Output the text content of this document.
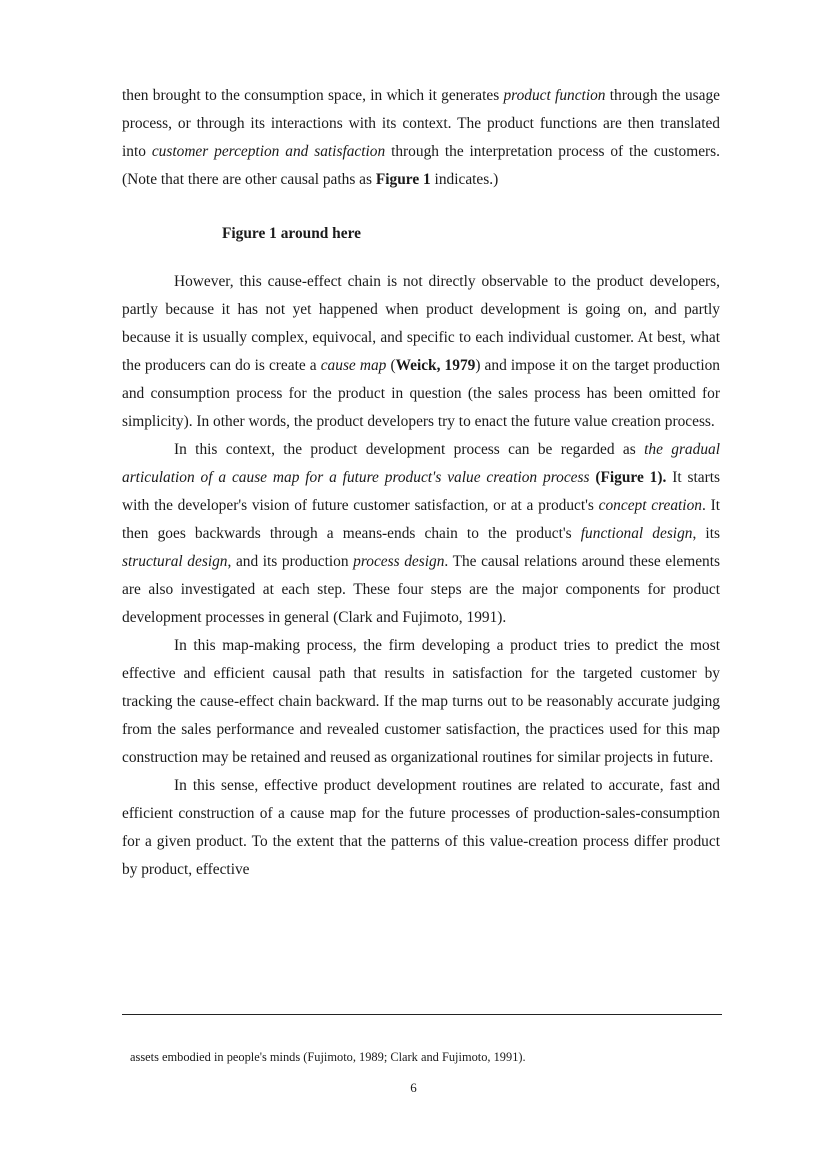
then brought to the consumption space, in which it generates product function through the usage process, or through its interactions with its context. The product functions are then translated into customer perception and satisfaction through the interpretation process of the customers. (Note that there are other causal paths as Figure 1 indicates.)

Figure 1 around here

However, this cause-effect chain is not directly observable to the product developers, partly because it has not yet happened when product development is going on, and partly because it is usually complex, equivocal, and specific to each individual customer. At best, what the producers can do is create a cause map (Weick, 1979) and impose it on the target production and consumption process for the product in question (the sales process has been omitted for simplicity). In other words, the product developers try to enact the future value creation process.

In this context, the product development process can be regarded as the gradual articulation of a cause map for a future product's value creation process (Figure 1). It starts with the developer's vision of future customer satisfaction, or at a product's concept creation. It then goes backwards through a means-ends chain to the product's functional design, its structural design, and its production process design. The causal relations around these elements are also investigated at each step. These four steps are the major components for product development processes in general (Clark and Fujimoto, 1991).

In this map-making process, the firm developing a product tries to predict the most effective and efficient causal path that results in satisfaction for the targeted customer by tracking the cause-effect chain backward. If the map turns out to be reasonably accurate judging from the sales performance and revealed customer satisfaction, the practices used for this map construction may be retained and reused as organizational routines for similar projects in future.

In this sense, effective product development routines are related to accurate, fast and efficient construction of a cause map for the future processes of production-sales-consumption for a given product. To the extent that the patterns of this value-creation process differ product by product, effective

assets embodied in people's minds (Fujimoto, 1989; Clark and Fujimoto, 1991).
6
